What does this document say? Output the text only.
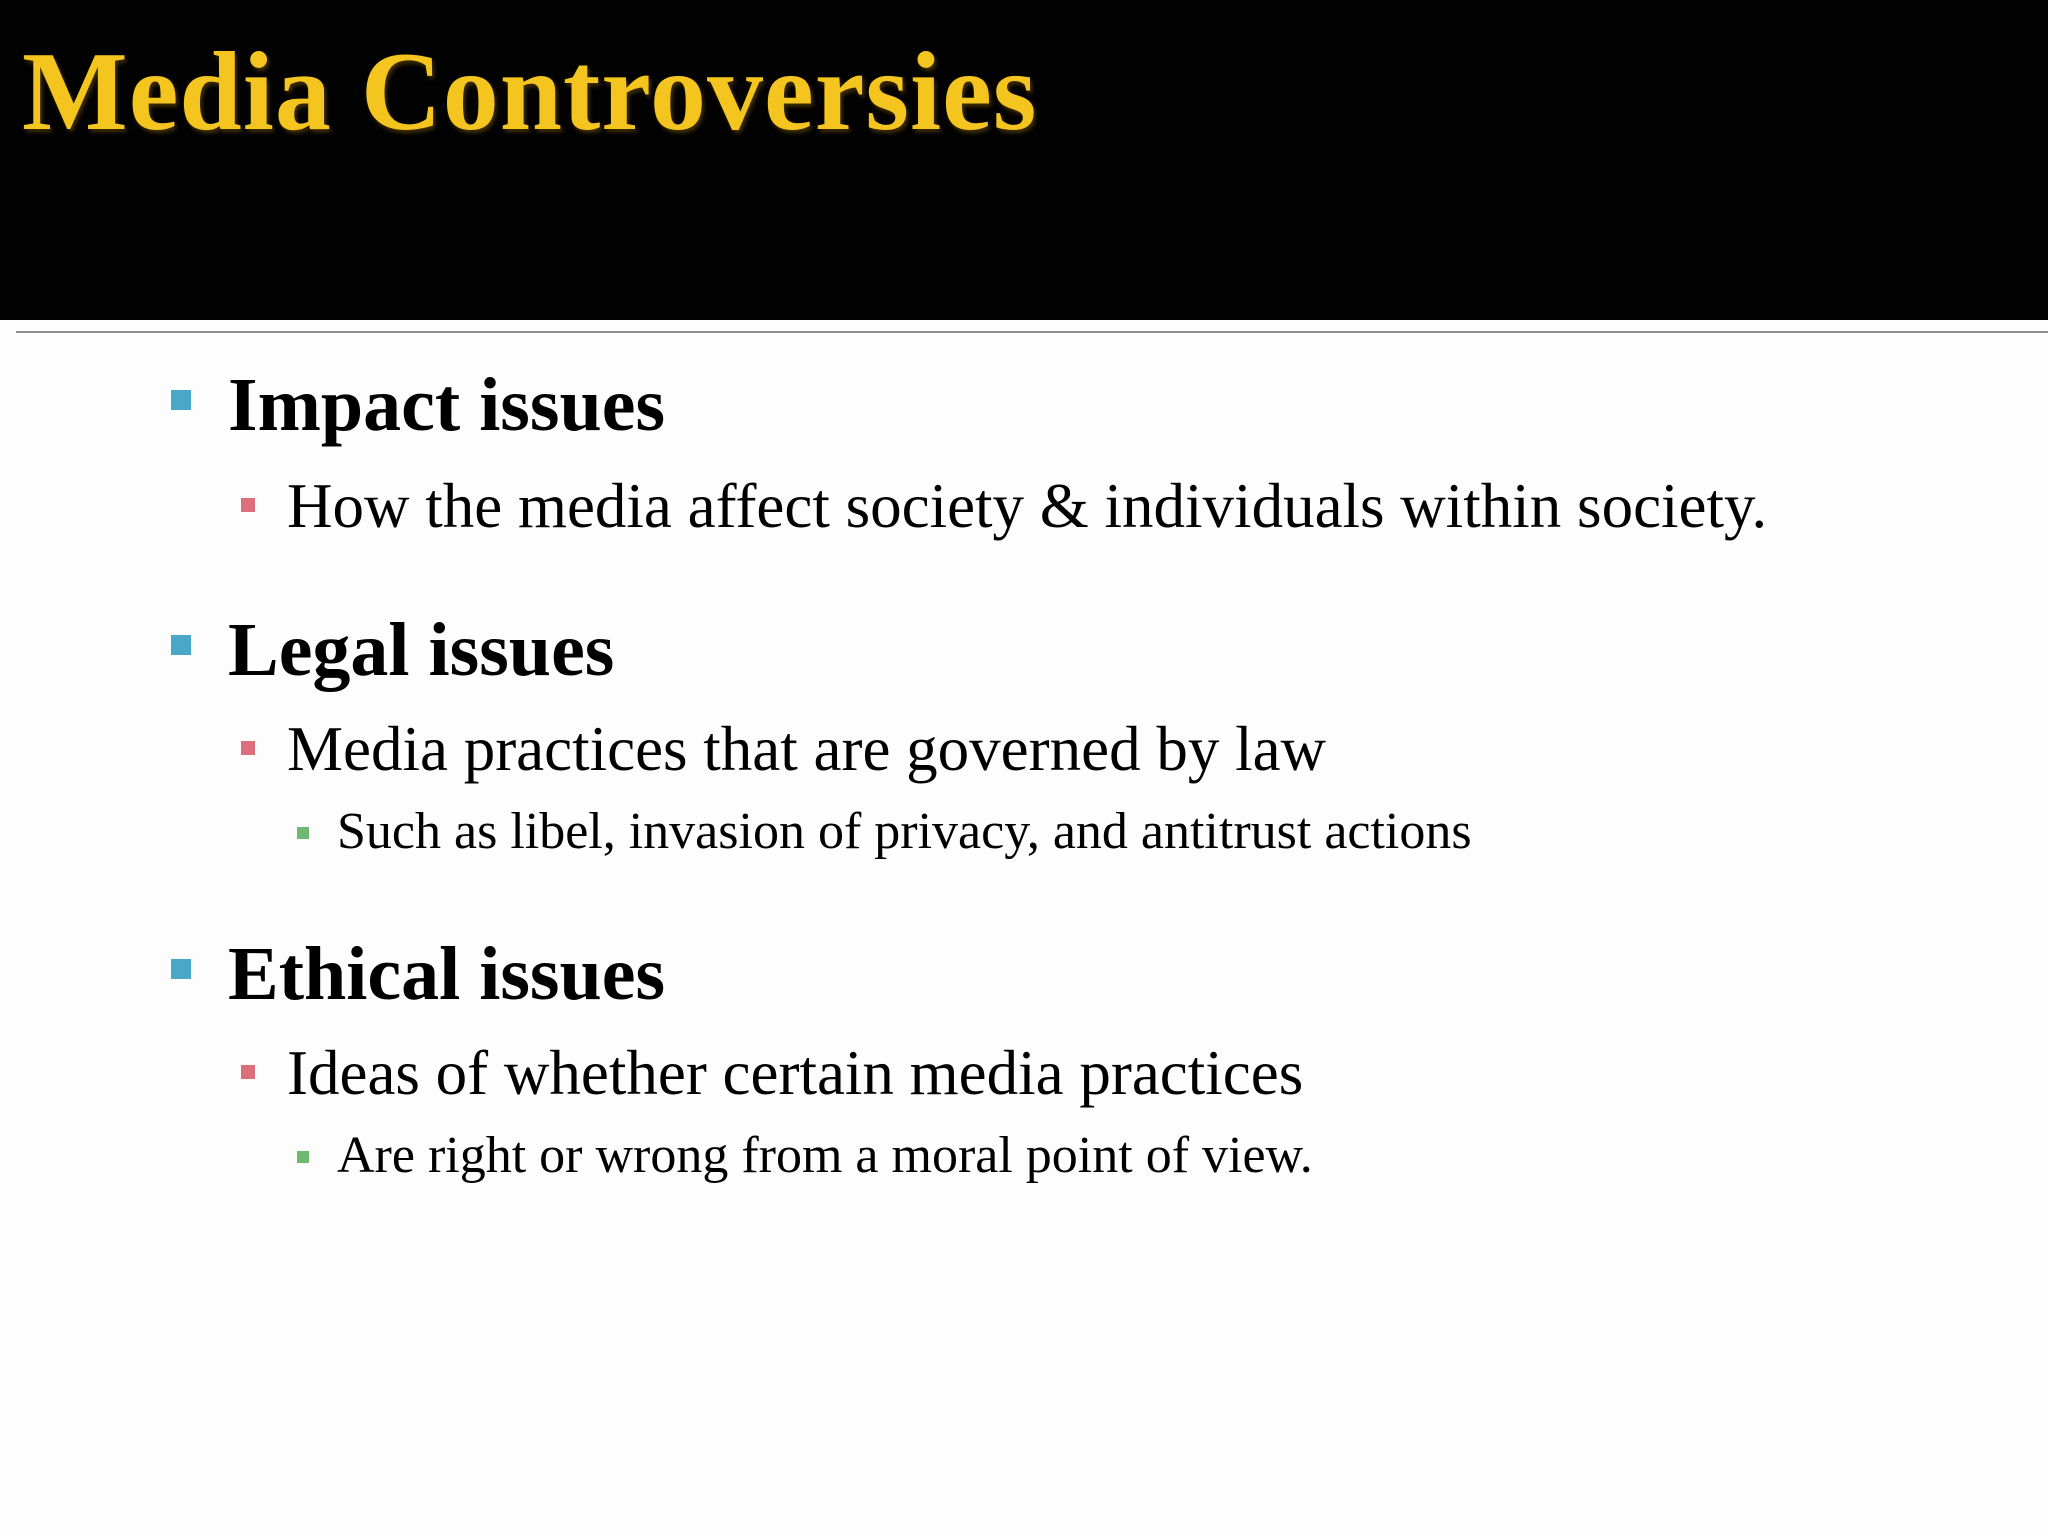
Media Controversies
Impact issues
How the media affect society & individuals within society.
Legal issues
Media practices that are governed by law
Such as libel, invasion of privacy, and antitrust actions
Ethical issues
Ideas of whether certain media practices
Are right or wrong from a moral point of view.
